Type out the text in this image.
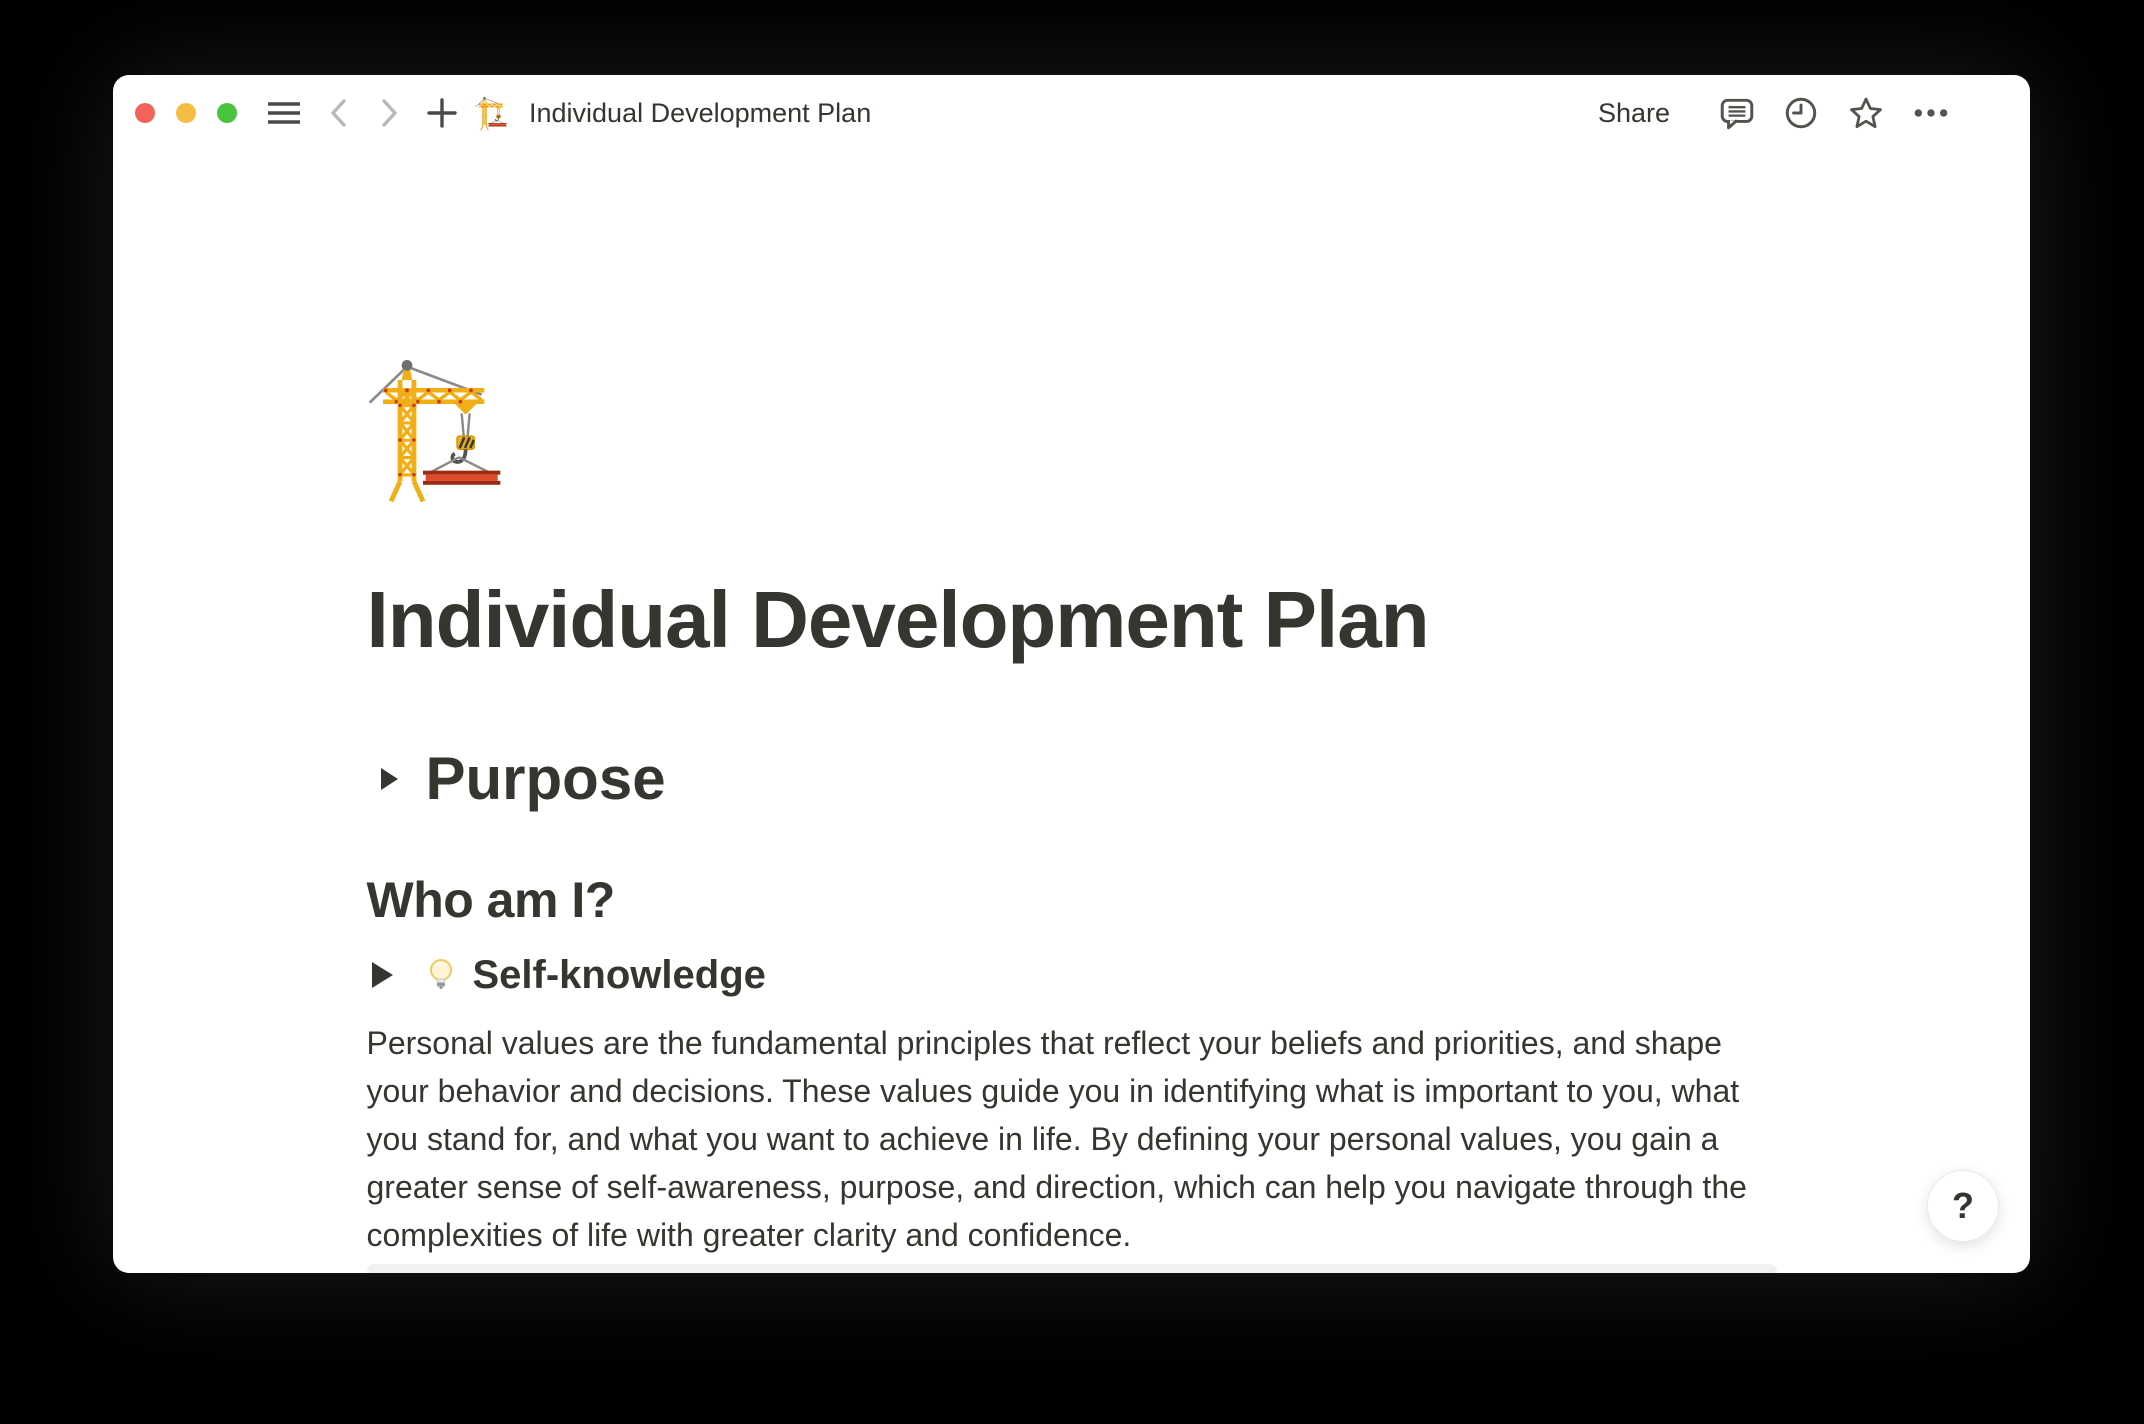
Individual Development Plan	Share
Individual Development Plan
Purpose
Who am I?
Self-knowledge

Personal values are the fundamental principles that reflect your beliefs and priorities, and shape your behavior and decisions. These values guide you in identifying what is important to you, what you stand for, and what you want to achieve in life. By defining your personal values, you gain a greater sense of self-awareness, purpose, and direction, which can help you navigate through the complexities of life with greater clarity and confidence.

?
